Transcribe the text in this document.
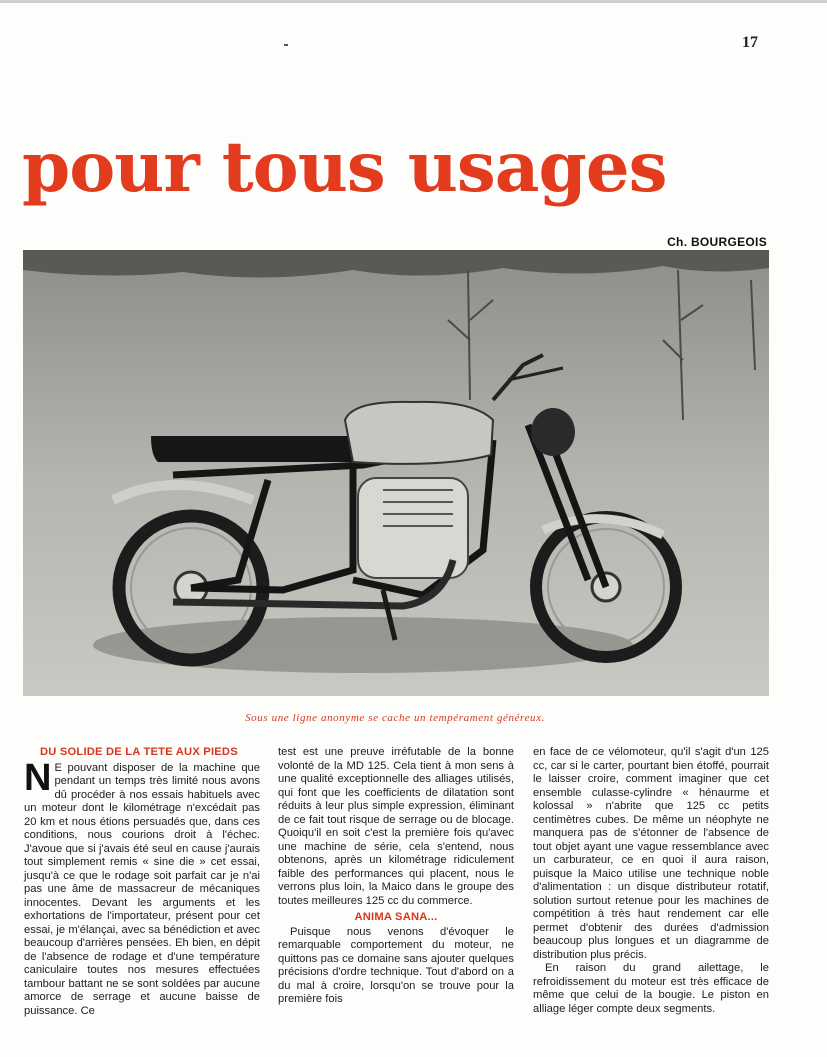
17
pour tous usages
Ch. BOURGEOIS
Sous une ligne anonyme se cache un tempérament généreux.
DU SOLIDE DE LA TETE AUX PIEDS

N E pouvant disposer de la machine que pendant un temps très limité nous avons dû procéder à nos essais habituels avec un moteur dont le kilométrage n'excédait pas 20 km et nous étions persuadés que, dans ces conditions, nous courions droit à l'échec. J'avoue que si j'avais été seul en cause j'aurais tout simplement remis « sine die » cet essai, jusqu'à ce que le rodage soit parfait car je n'ai pas une âme de massacreur de mécaniques innocentes. Devant les arguments et les exhortations de l'importateur, présent pour cet essai, je m'élançai, avec sa bénédiction et avec beaucoup d'arrières pensées. Eh bien, en dépit de l'absence de rodage et d'une température caniculaire toutes nos mesures effectuées tambour battant ne se sont soldées par aucune amorce de serrage et aucune baisse de puissance. Ce

test est une preuve irréfutable de la bonne volonté de la MD 125. Cela tient à mon sens à une qualité exceptionnelle des alliages utilisés, qui font que les coefficients de dilatation sont réduits à leur plus simple expression, éliminant de ce fait tout risque de serrage ou de blocage. Quoiqu'il en soit c'est la première fois qu'avec une machine de série, cela s'entend, nous obtenons, après un kilométrage ridiculement faible des performances qui placent, nous le verrons plus loin, la Maico dans le groupe des toutes meilleures 125 cc du commerce.

ANIMA SANA...

Puisque nous venons d'évoquer le remarquable comportement du moteur, ne quittons pas ce domaine sans ajouter quelques précisions d'ordre technique. Tout d'abord on a du mal à croire, lorsqu'on se trouve pour la première fois

en face de ce vélomoteur, qu'il s'agit d'un 125 cc, car si le carter, pourtant bien étoffé, pourrait le laisser croire, comment imaginer que cet ensemble culasse-cylindre « hénaurme et kolossal » n'abrite que 125 cc petits centimètres cubes. De même un néophyte ne manquera pas de s'étonner de l'absence de tout objet ayant une vague ressemblance avec un carburateur, ce en quoi il aura raison, puisque la Maico utilise une technique noble d'alimentation : un disque distributeur rotatif, solution surtout retenue pour les machines de compétition à très haut rendement car elle permet d'obtenir des durées d'admission beaucoup plus longues et un diagramme de distribution plus précis.

En raison du grand ailettage, le refroidissement du moteur est très efficace de même que celui de la bougie. Le piston en alliage léger compte deux segments.
